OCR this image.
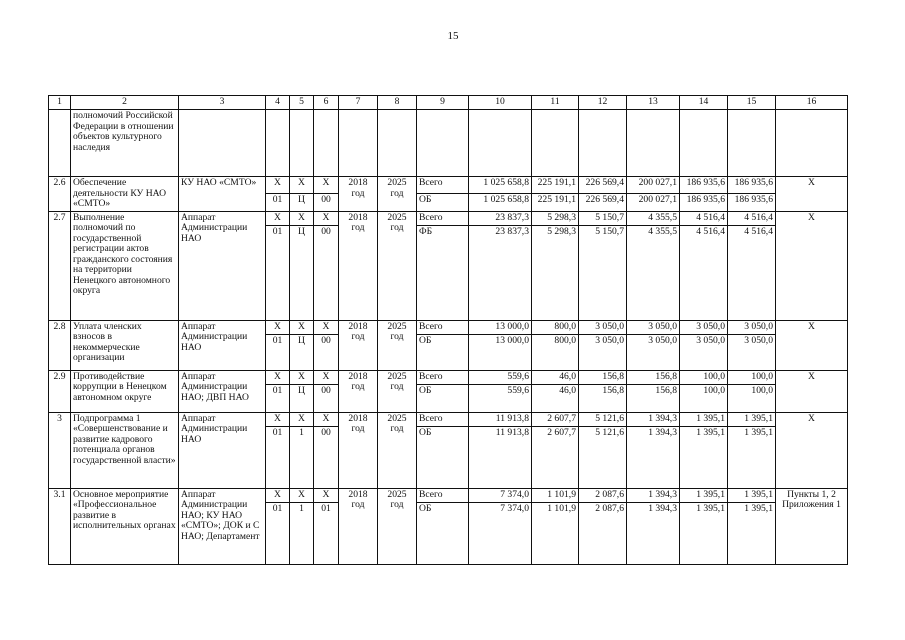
15
1	2	3	4	5	6	7	8	9	10	11	12	13	14	15	16
	полномочий Российской Федерации в отношении объектов культурного наследия														
2.6	Обеспечение деятельности КУ НАО «СМТО»	КУ НАО «СМТО»	Х	Х	Х	2018 год	2025 год	Всего	1 025 658,8	225 191,1	226 569,4	200 027,1	186 935,6	186 935,6	Х
			01	Ц	00			ОБ	1 025 658,8	225 191,1	226 569,4	200 027,1	186 935,6	186 935,6	
2.7	Выполнение полномочий по государственной регистрации актов гражданского состояния на территории Ненецкого автономного округа	Аппарат Администрации НАО	Х	Х	Х	2018 год	2025 год	Всего	23 837,3	5 298,3	5 150,7	4 355,5	4 516,4	4 516,4	Х
			01	Ц	00			ФБ	23 837,3	5 298,3	5 150,7	4 355,5	4 516,4	4 516,4	
2.8	Уплата членских взносов в некоммерческие организации	Аппарат Администрации НАО	Х	Х	Х	2018 год	2025 год	Всего	13 000,0	800,0	3 050,0	3 050,0	3 050,0	3 050,0	Х
			01	Ц	00			ОБ	13 000,0	800,0	3 050,0	3 050,0	3 050,0	3 050,0	
2.9	Противодействие коррупции в Ненецком автономном округе	Аппарат Администрации НАО; ДВП НАО	Х	Х	Х	2018 год	2025 год	Всего	559,6	46,0	156,8	156,8	100,0	100,0	Х
			01	Ц	00			ОБ	559,6	46,0	156,8	156,8	100,0	100,0	
3	Подпрограмма 1 «Совершенствование и развитие кадрового потенциала органов государственной власти»	Аппарат Администрации НАО	Х	Х	Х	2018 год	2025 год	Всего	11 913,8	2 607,7	5 121,6	1 394,3	1 395,1	1 395,1	Х
			01	1	00			ОБ	11 913,8	2 607,7	5 121,6	1 394,3	1 395,1	1 395,1	
3.1	Основное мероприятие «Профессиональное развитие в исполнительных органах	Аппарат Администрации НАО; КУ НАО «СМТО»; ДОК и С НАО; Департамент	Х	Х	Х	2018 год	2025 год	Всего	7 374,0	1 101,9	2 087,6	1 394,3	1 395,1	1 395,1	Пункты 1, 2 Приложения 1
			01	1	01			ОБ	7 374,0	1 101,9	2 087,6	1 394,3	1 395,1	1 395,1	
